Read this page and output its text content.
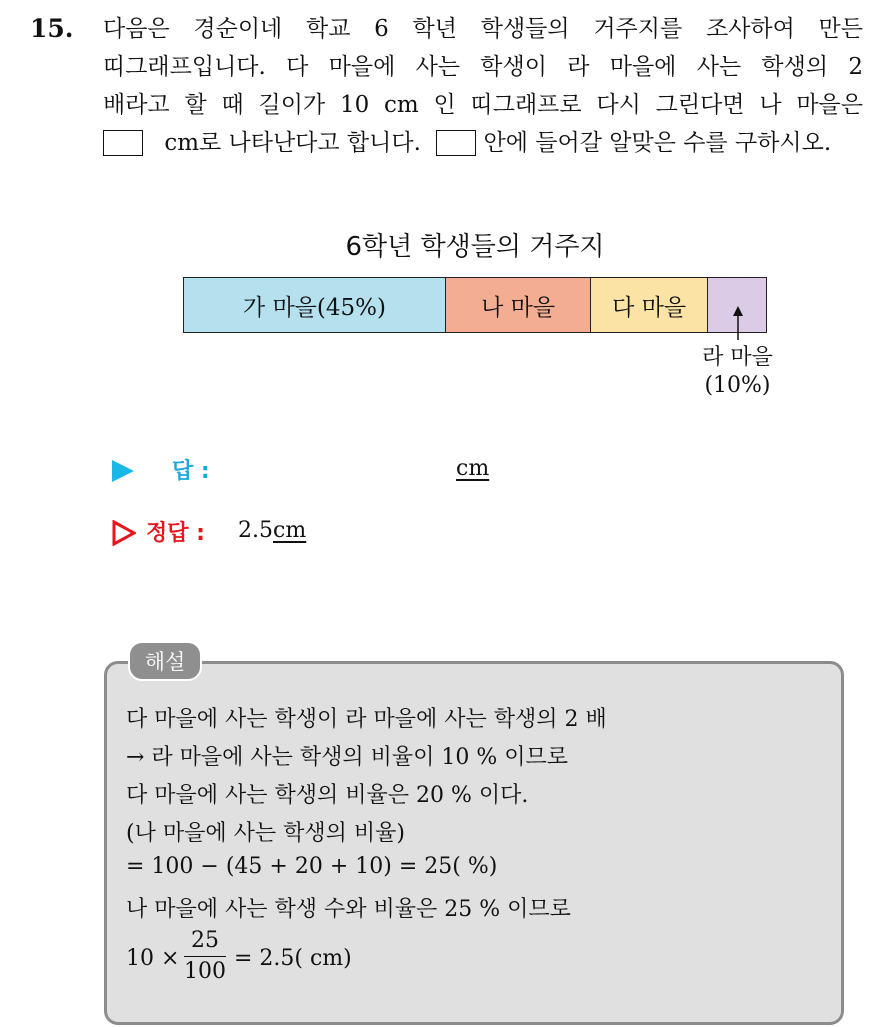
15. 다음은 경순이네 학교 6 학년 학생들의 거주지를 조사하여 만든
띠그래프입니다. 다 마을에 사는 학생이 라 마을에 사는 학생의 2
배라고 할 때 길이가 10 cm 인 띠그래프로 다시 그린다면 나 마을은
cm로 나타난다고 합니다.	안에 들어갈 알맞은 수를 구하시오.
6학년 학생들의 거주지
가 마을(45%)	나 마을 다 마을
라 마을
(10%)
답 :	cm
정답 : 2.5cm
해설
다 마을에 사는 학생이 라 마을에 사는 학생의 2 배
→ 라 마을에 사는 학생의 비율이 10 % 이므로
다 마을에 사는 학생의 비율은 20 % 이다.
(나 마을에 사는 학생의 비율)
= 100 − (45 + 20 + 10) = 25( %)
나 마을에 사는 학생 수와 비율은 25 % 이므로
10 ×
25
100
= 2.5( cm)
